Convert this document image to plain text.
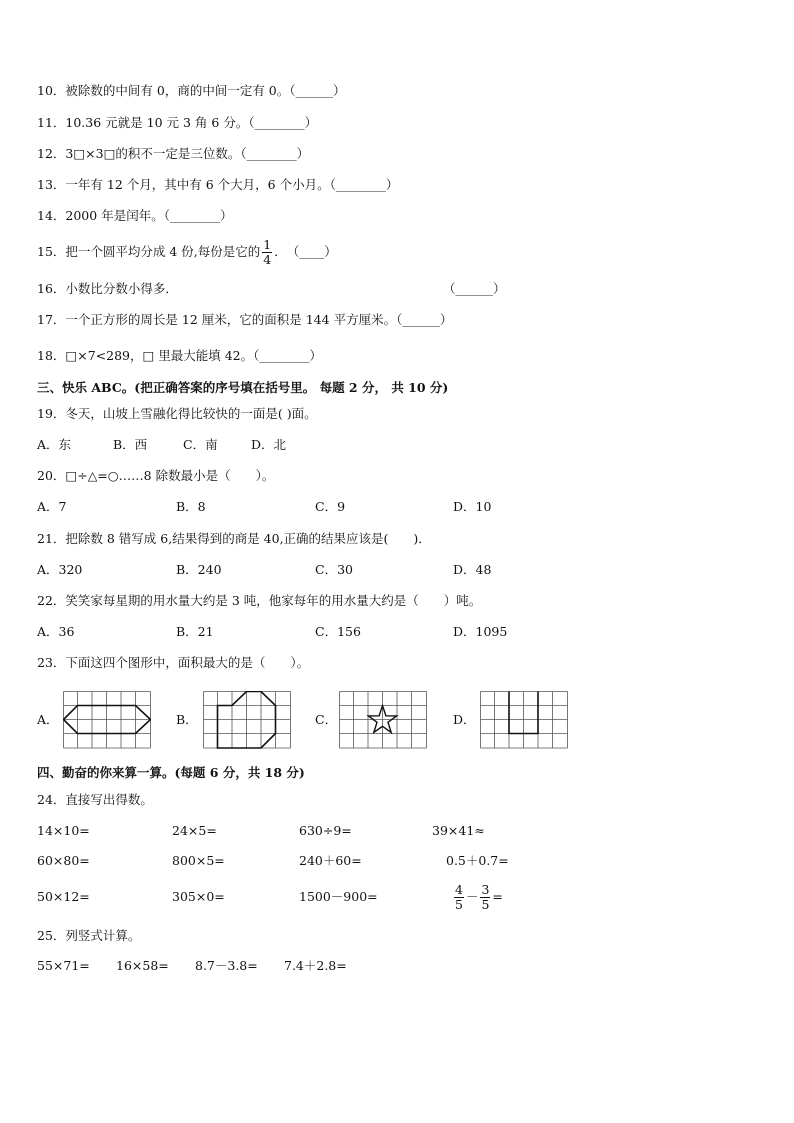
10．被除数的中间有 0，商的中间一定有 0。（______）
11．10.36 元就是 10 元 3 角 6 分。（________）
12．3□×3□的积不一定是三位数。（________）
13．一年有 12 个月，其中有 6 个大月，6 个小月。（________）
14．2000 年是闰年。（________）
15．把一个圆平均分成 4 份,每份是它的 $\frac{1}{4}$ ．　（____）
16．小数比分数小得多．	（______）
17．一个正方形的周长是 12 厘米，它的面积是 144 平方厘米。（______）
18．□×7<289，□ 里最大能填 42。（________）
三、快乐 ABC。(把正确答案的序号填在括号里。 每题 2 分， 共 10 分)
19．冬天，山坡上雪融化得比较快的一面是( )面。
A．东	B．西	C．南	D．北
20．□÷△=○……8 除数最小是（　　）。
A．7	B．8	C．9	D．10
21．把除数 8 错写成 6,结果得到的商是 40,正确的结果应该是(　　)．
A．320	B．240	C．30	D．48
22．笑笑家每星期的用水量大约是 3 吨，他家每年的用水量大约是（　　）吨。
A．36	B．21	C．156	D．1095
23．下面这四个图形中，面积最大的是（　　）。
A．	B．	C．	D．
四、勤奋的你来算一算。(每题 6 分，共 18 分)
24．直接写出得数。
14×10=	24×5=	630÷9=	39×41≈
60×80=	800×5=	240＋60=	0.5＋0.7=
50×12=	305×0=	1500－900=	$\frac{4}{5} - \frac{3}{5}$ =
25．列竖式计算。
55×71= 16×58= 8.7－3.8= 7.4＋2.8=
